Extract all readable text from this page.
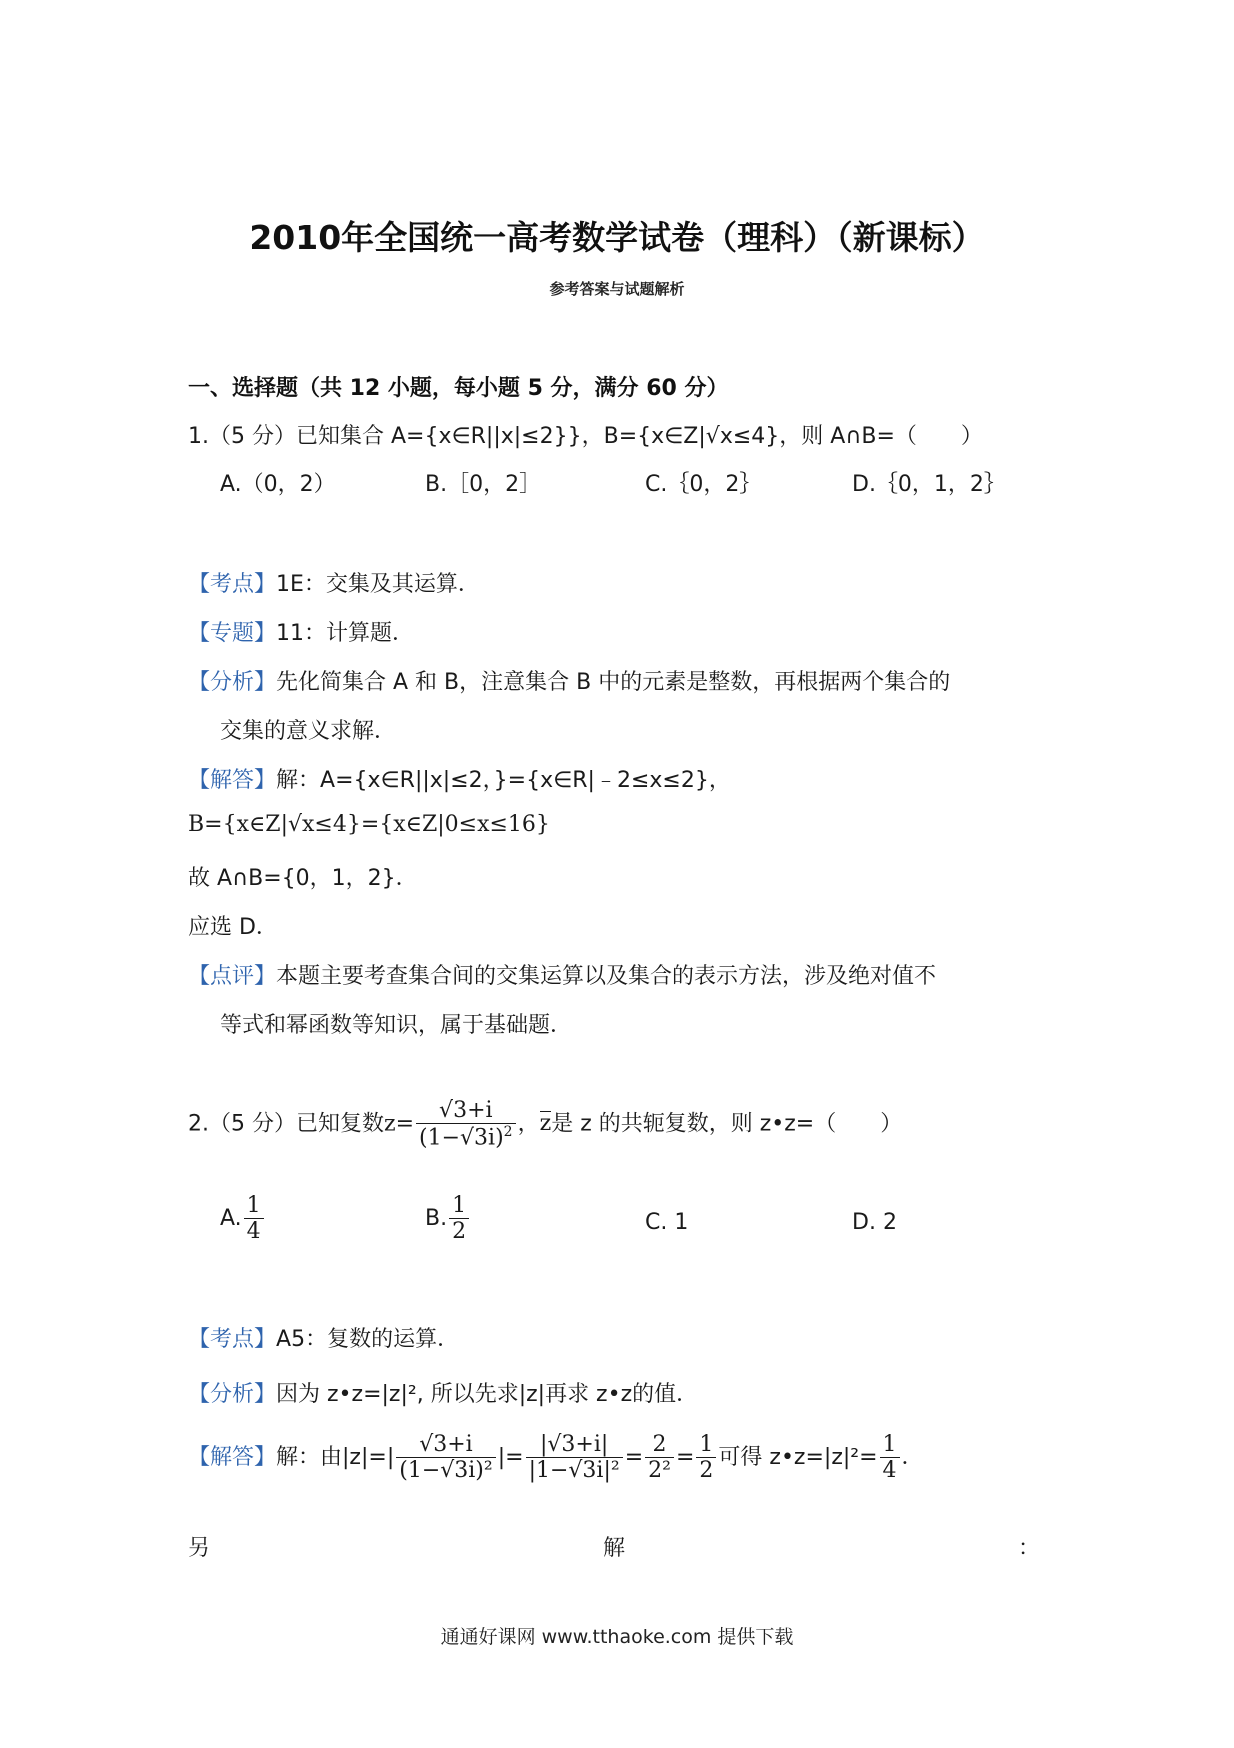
2010年全国统一高考数学试卷（理科）（新课标）
参考答案与试题解析
一、选择题（共 12 小题，每小题 5 分，满分 60 分）
1.（5 分）已知集合 A={x∈R||x|≤2}}，B={x∈Z|√x≤4}，则 A∩B=（　　）
A.（0，2）	B.［0，2］	C.｛0，2｝	D.｛0，1，2｝
【考点】1E：交集及其运算．
【专题】11：计算题．
【分析】先化简集合 A 和 B，注意集合 B 中的元素是整数，再根据两个集合的
交集的意义求解．
【解答】解：A={x∈R||x|≤2，}={x∈R|﹣2≤x≤2}，
B={x∈Z|√x≤4}={x∈Z|0≤x≤16}
故 A∩B={0，1，2}．
应选 D．
【点评】本题主要考查集合间的交集运算以及集合的表示方法，涉及绝对值不
等式和幂函数等知识，属于基础题．
2.（5 分）已知复数$z= \frac{√3+i}{(1-√3i)^2}$ ，z是 z 的共轭复数，则 z•z=（　　）
A. $\frac{1}{4}$	B. $\frac{1}{2}$	C. 1	D. 2
【考点】A5：复数的运算．
【分析】因为 z•z=|z|², 所以先求|z|再求 z•z的值．
【解答】解：由$|z|=| \frac{√3+i}{\text{(1−√3i)²}}$ |= $\frac{|√3+i|}{\text{|1−√3i|²}} = \frac{2}{\text{2²}} = \frac{1}{2}$ 可得 z•z=|z|²= $\frac{1}{4}$ ．
另	解	：
通通好课网 www.tthaoke.com 提供下载
